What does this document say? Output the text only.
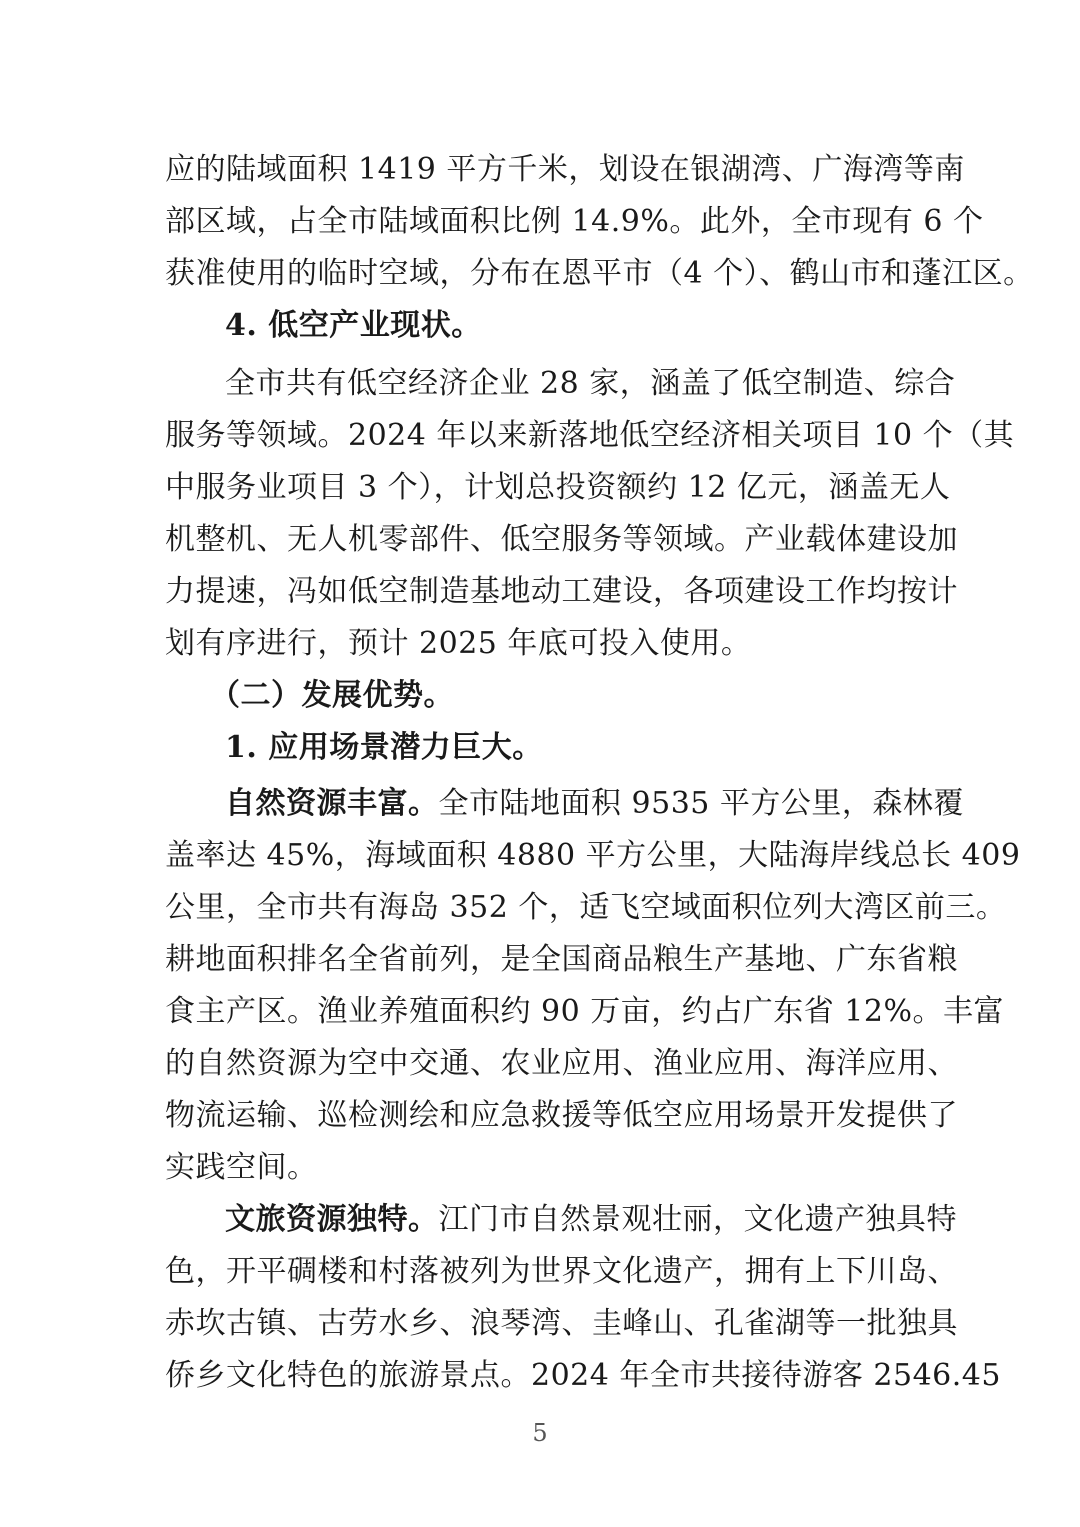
应的陆域面积 1419 平方千米，划设在银湖湾、广海湾等南
部区域，占全市陆域面积比例 14.9%。此外，全市现有 6 个
获准使用的临时空域，分布在恩平市（4 个）、鹤山市和蓬江区。
4. 低空产业现状。
全市共有低空经济企业 28 家，涵盖了低空制造、综合
服务等领域。2024 年以来新落地低空经济相关项目 10 个（其
中服务业项目 3 个），计划总投资额约 12 亿元，涵盖无人
机整机、无人机零部件、低空服务等领域。产业载体建设加
力提速，冯如低空制造基地动工建设，各项建设工作均按计
划有序进行，预计 2025 年底可投入使用。
（二）发展优势。
1. 应用场景潜力巨大。
自然资源丰富。全市陆地面积 9535 平方公里，森林覆
盖率达 45%，海域面积 4880 平方公里，大陆海岸线总长 409
公里，全市共有海岛 352 个，适飞空域面积位列大湾区前三。
耕地面积排名全省前列，是全国商品粮生产基地、广东省粮
食主产区。渔业养殖面积约 90 万亩，约占广东省 12%。丰富
的自然资源为空中交通、农业应用、渔业应用、海洋应用、
物流运输、巡检测绘和应急救援等低空应用场景开发提供了
实践空间。
文旅资源独特。江门市自然景观壮丽，文化遗产独具特
色，开平碉楼和村落被列为世界文化遗产，拥有上下川岛、
赤坎古镇、古劳水乡、浪琴湾、圭峰山、孔雀湖等一批独具
侨乡文化特色的旅游景点。2024 年全市共接待游客 2546.45
5
